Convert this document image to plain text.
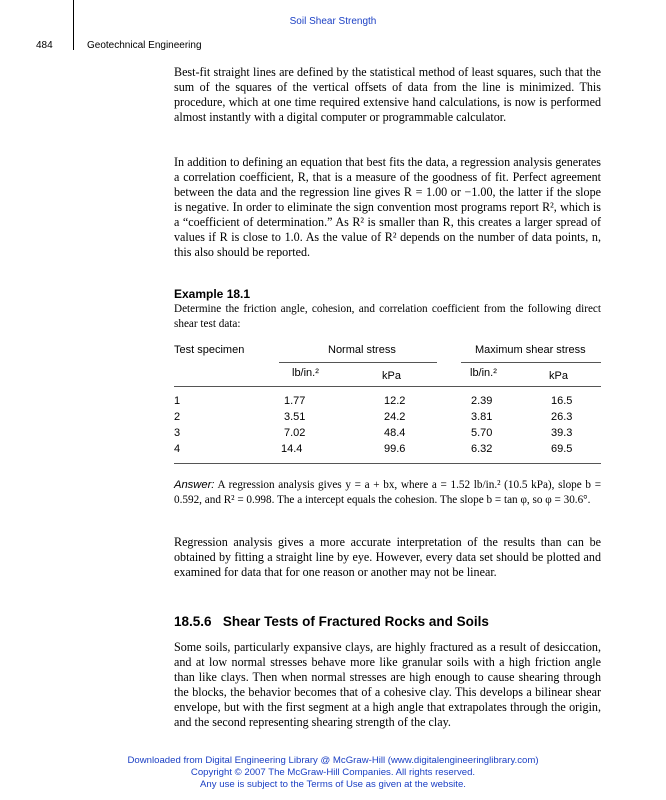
Soil Shear Strength
484	Geotechnical Engineering
Best-fit straight lines are defined by the statistical method of least squares, such that the sum of the squares of the vertical offsets of data from the line is minimized. This procedure, which at one time required extensive hand calculations, is now is performed almost instantly with a digital computer or programmable calculator.
In addition to defining an equation that best fits the data, a regression analysis generates a correlation coefficient, R, that is a measure of the goodness of fit. Perfect agreement between the data and the regression line gives R = 1.00 or −1.00, the latter if the slope is negative. In order to eliminate the sign convention most programs report R², which is a “coefficient of determination.” As R² is smaller than R, this creates a larger spread of values if R is close to 1.0. As the value of R² depends on the number of data points, n, this also should be reported.
Example 18.1
Determine the friction angle, cohesion, and correlation coefficient from the following direct shear test data:
Test specimen	Normal stress	Maximum shear stress
lb/in.²	kPa	lb/in.²	kPa
1	1.77	12.2	2.39	16.5
2	3.51	24.2	3.81	26.3
3	7.02	48.4	5.70	39.3
4	14.4	99.6	6.32	69.5
Answer: A regression analysis gives y = a + bx, where a = 1.52 lb/in.² (10.5 kPa), slope b = 0.592, and R² = 0.998. The a intercept equals the cohesion. The slope b = tan φ, so φ = 30.6°.
Regression analysis gives a more accurate interpretation of the results than can be obtained by fitting a straight line by eye. However, every data set should be plotted and examined for data that for one reason or another may not be linear.
18.5.6 Shear Tests of Fractured Rocks and Soils
Some soils, particularly expansive clays, are highly fractured as a result of desiccation, and at low normal stresses behave more like granular soils with a high friction angle than like clays. Then when normal stresses are high enough to cause shearing through the blocks, the behavior becomes that of a cohesive clay. This develops a bilinear shear envelope, but with the first segment at a high angle that extrapolates through the origin, and the second representing shearing strength of the clay.
Downloaded from Digital Engineering Library @ McGraw-Hill (www.digitalengineeringlibrary.com)
Copyright © 2007 The McGraw-Hill Companies. All rights reserved.
Any use is subject to the Terms of Use as given at the website.
